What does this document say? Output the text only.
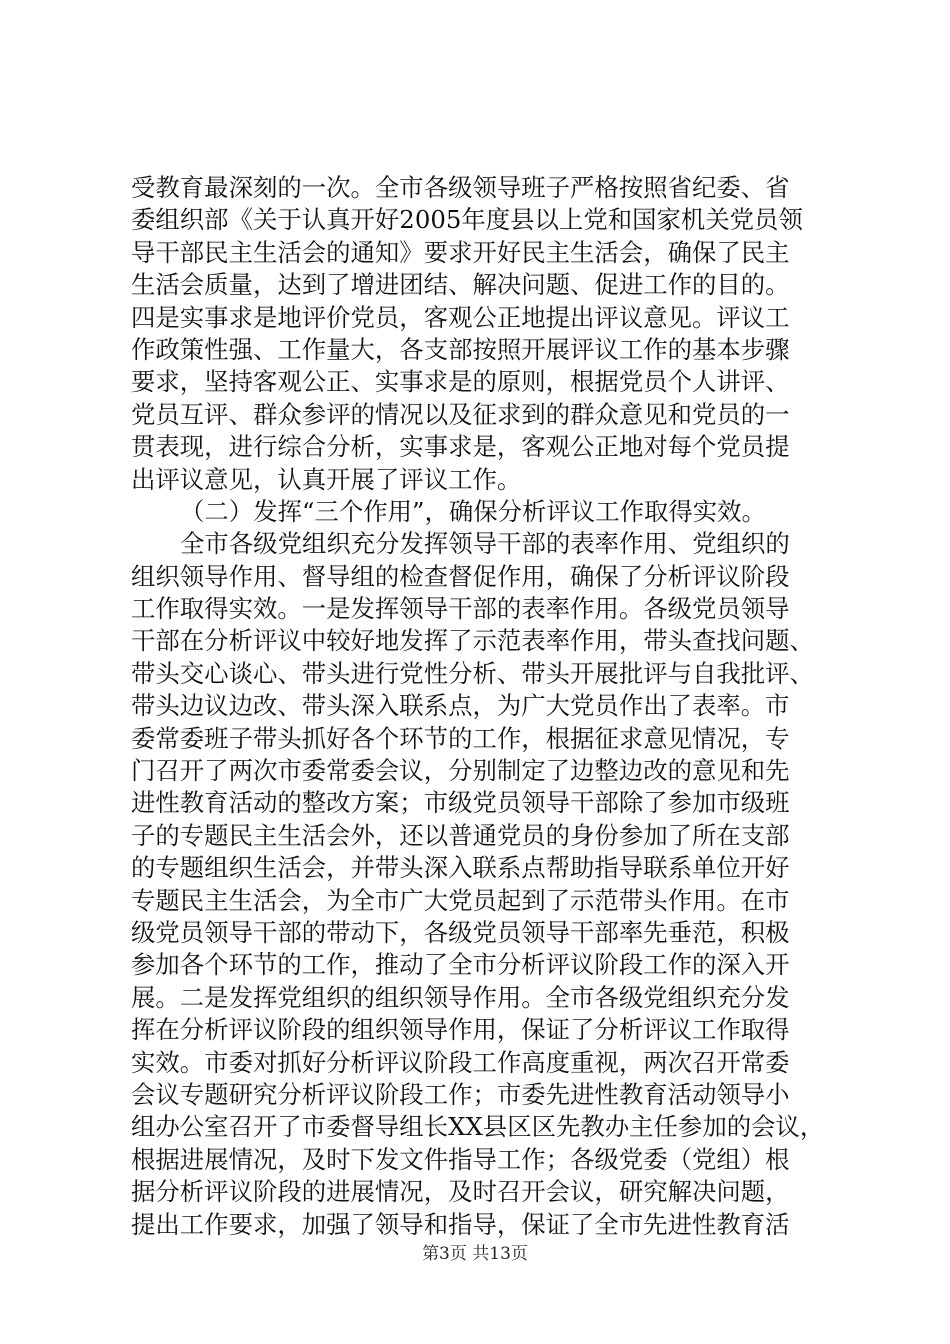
受教育最深刻的一次。全市各级领导班子严格按照省纪委、省
委组织部《关于认真开好2005年度县以上党和国家机关党员领
导干部民主生活会的通知》要求开好民主生活会，确保了民主
生活会质量，达到了增进团结、解决问题、促进工作的目的。
四是实事求是地评价党员，客观公正地提出评议意见。评议工
作政策性强、工作量大，各支部按照开展评议工作的基本步骤
要求，坚持客观公正、实事求是的原则，根据党员个人讲评、
党员互评、群众参评的情况以及征求到的群众意见和党员的一
贯表现，进行综合分析，实事求是，客观公正地对每个党员提
出评议意见，认真开展了评议工作。
（二）发挥“三个作用”，确保分析评议工作取得实效。
全市各级党组织充分发挥领导干部的表率作用、党组织的
组织领导作用、督导组的检查督促作用，确保了分析评议阶段
工作取得实效。一是发挥领导干部的表率作用。各级党员领导
干部在分析评议中较好地发挥了示范表率作用，带头查找问题、
带头交心谈心、带头进行党性分析、带头开展批评与自我批评、
带头边议边改、带头深入联系点，为广大党员作出了表率。市
委常委班子带头抓好各个环节的工作，根据征求意见情况，专
门召开了两次市委常委会议，分别制定了边整边改的意见和先
进性教育活动的整改方案；市级党员领导干部除了参加市级班
子的专题民主生活会外，还以普通党员的身份参加了所在支部
的专题组织生活会，并带头深入联系点帮助指导联系单位开好
专题民主生活会，为全市广大党员起到了示范带头作用。在市
级党员领导干部的带动下，各级党员领导干部率先垂范，积极
参加各个环节的工作，推动了全市分析评议阶段工作的深入开
展。二是发挥党组织的组织领导作用。全市各级党组织充分发
挥在分析评议阶段的组织领导作用，保证了分析评议工作取得
实效。市委对抓好分析评议阶段工作高度重视，两次召开常委
会议专题研究分析评议阶段工作；市委先进性教育活动领导小
组办公室召开了市委督导组长XX县区区先教办主任参加的会议，
根据进展情况，及时下发文件指导工作；各级党委（党组）根
据分析评议阶段的进展情况，及时召开会议，研究解决问题，
提出工作要求，加强了领导和指导，保证了全市先进性教育活
第3页 共13页
